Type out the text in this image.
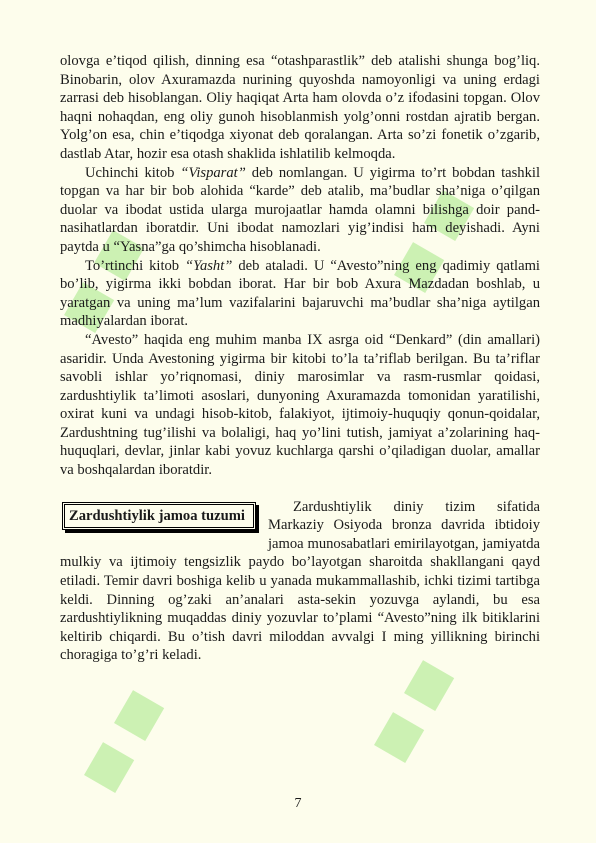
olovga e’tiqod qilish, dinning esa “otashparastlik” deb atalishi shunga bog’liq. Binobarin, olov Axuramazda nurining quyoshda namoyonligi va uning erdagi zarrasi deb hisoblangan. Oliy haqiqat Arta ham olovda o’z ifodasini topgan. Olov haqni nohaqdan, eng oliy gunoh hisoblanmish yolg’onni rostdan ajratib bergan. Yolg’on esa, chin e’tiqodga xiyonat deb qoralangan. Arta so’zi fonetik o’zgarib, dastlab Atar, hozir esa otash shaklida ishlatilib kelmoqda.

Uchinchi kitob “Visparat” deb nomlangan. U yigirma to’rt bobdan tashkil topgan va har bir bob alohida “karde” deb atalib, ma’budlar sha’niga o’qilgan duolar va ibodat ustida ularga murojaatlar hamda olamni bilishga doir pand-nasihatlardan iboratdir. Uni ibodat namozlari yig’indisi ham deyishadi. Ayni paytda u “Yasna”ga qo’shimcha hisoblanadi.

To’rtinchi kitob “Yasht” deb ataladi. U “Avesto”ning eng qadimiy qatlami bo’lib, yigirma ikki bobdan iborat. Har bir bob Axura Mazdadan boshlab, u yaratgan va uning ma’lum vazifalarini bajaruvchi ma’budlar sha’niga aytilgan madhiyalardan iborat.

“Avesto” haqida eng muhim manba IX asrga oid “Denkard” (din amallari) asaridir. Unda Avestoning yigirma bir kitobi to’la ta’riflab berilgan. Bu ta’riflar savobli ishlar yo’riqnomasi, diniy marosimlar va rasm-rusmlar qoidasi, zardushtiylik ta’limoti asoslari, dunyoning Axuramazda tomonidan yaratilishi, oxirat kuni va undagi hisob-kitob, falakiyot, ijtimoiy-huquqiy qonun-qoidalar, Zardushtning tug’ilishi va bolaligi, haq yo’lini tutish, jamiyat a’zolarining haq-huquqlari, devlar, jinlar kabi yovuz kuchlarga qarshi o’qiladigan duolar, amallar va boshqalardan iboratdir.

Zardushtiylik jamoa tuzumi

Zardushtiylik diniy tizim sifatida Markaziy Osiyoda bronza davrida ibtidoiy jamoa munosabatlari emirilayotgan, jamiyatda mulkiy va ijtimoiy tengsizlik paydo bo’layotgan sharoitda shakllangani qayd etiladi. Temir davri boshiga kelib u yanada mukammallashib, ichki tizimi tartibga keldi. Dinning og’zaki an’analari asta-sekin yozuvga aylandi, bu esa zardushtiylikning muqaddas diniy yozuvlar to’plami “Avesto”ning ilk bitiklarini keltirib chiqardi. Bu o’tish davri miloddan avvalgi I ming yillikning birinchi choragiga to’g’ri keladi.

7
